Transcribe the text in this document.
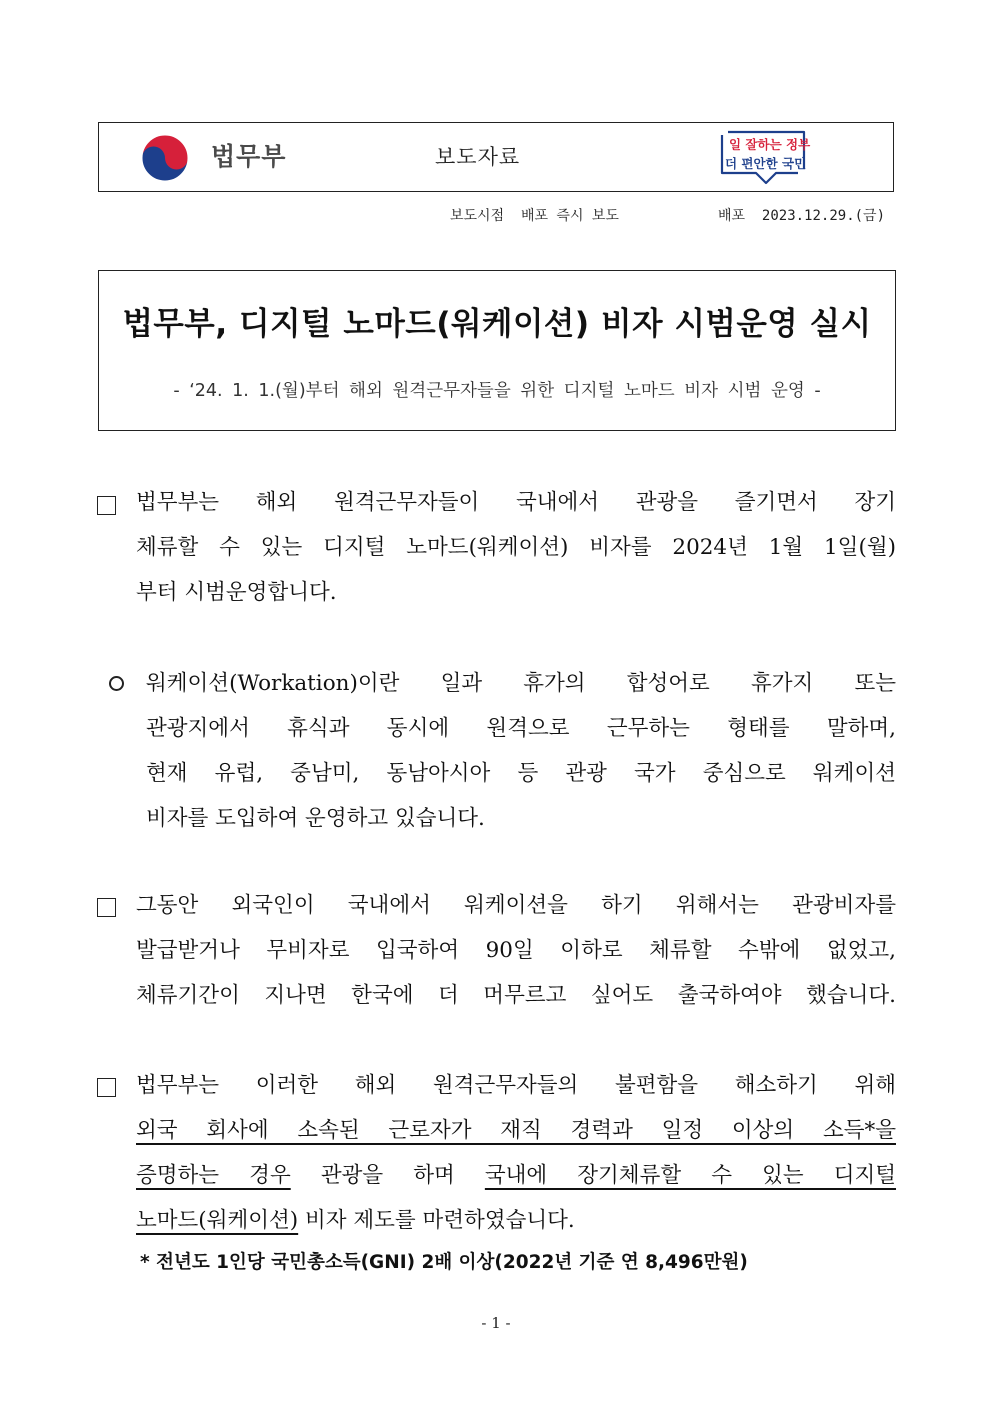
법무부	보도자료
일 잘하는 정부
더 편안한 국민
보도시점  배포 즉시 보도	배포  2023.12.29.(금)
법무부, 디지털 노마드(워케이션) 비자 시범운영 실시
- ‘24. 1. 1.(월)부터 해외 원격근무자들을 위한 디지털 노마드 비자 시범 운영 -
법무부는 해외 원격근무자들이 국내에서 관광을 즐기면서 장기
체류할 수 있는 디지털 노마드(워케이션) 비자를 2024년 1월 1일(월)
부터 시범운영합니다.
워케이션(Workation)이란 일과 휴가의 합성어로 휴가지 또는
관광지에서 휴식과 동시에 원격으로 근무하는 형태를 말하며,
현재 유럽, 중남미, 동남아시아 등 관광 국가 중심으로 워케이션
비자를 도입하여 운영하고 있습니다.
그동안 외국인이 국내에서 워케이션을 하기 위해서는 관광비자를
발급받거나 무비자로 입국하여 90일 이하로 체류할 수밖에 없었고,
체류기간이 지나면 한국에 더 머무르고 싶어도 출국하여야 했습니다.
법무부는 이러한 해외 원격근무자들의 불편함을 해소하기 위해
외국 회사에 소속된 근로자가 재직 경력과 일정 이상의 소득*을
증명하는 경우 관광을 하며 국내에 장기체류할 수 있는 디지털
노마드(워케이션) 비자 제도를 마련하였습니다.
* 전년도 1인당 국민총소득(GNI) 2배 이상(2022년 기준 연 8,496만원)
- 1 -
